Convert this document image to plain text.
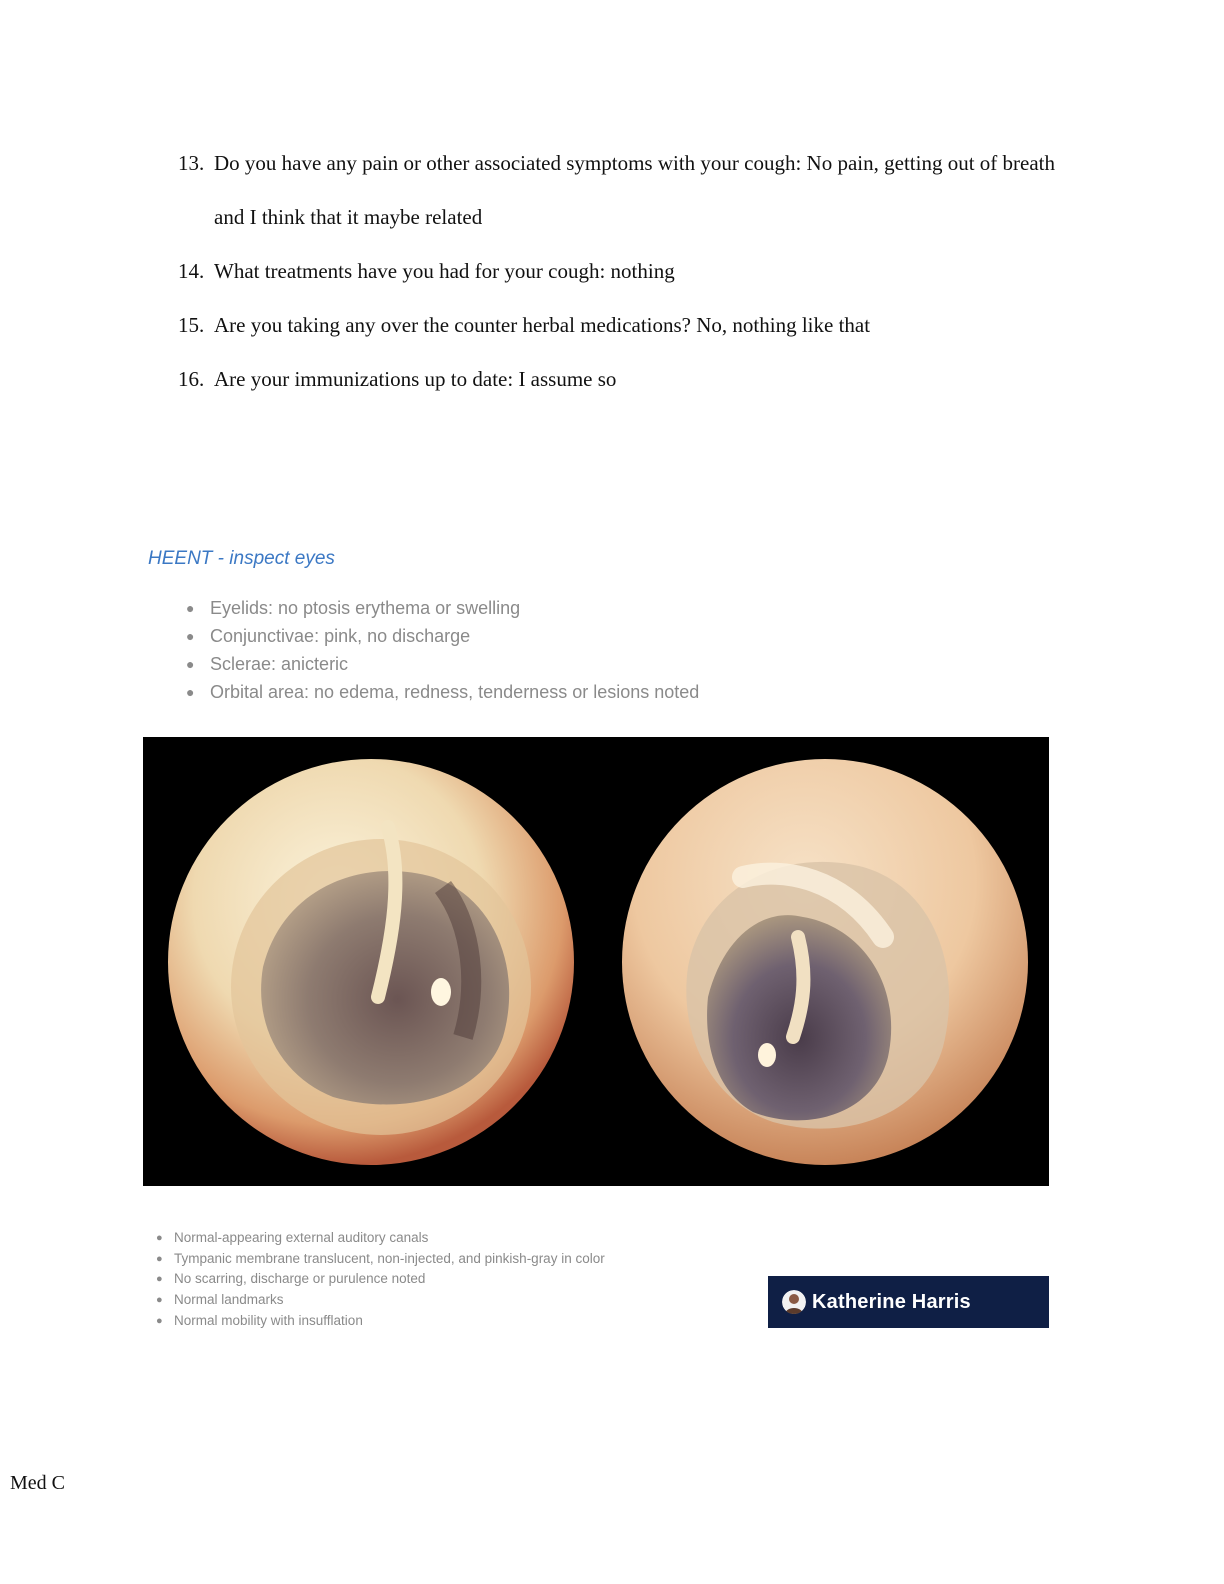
13. Do you have any pain or other associated symptoms with your cough: No pain, getting out of breath and I think that it maybe related
14. What treatments have you had for your cough: nothing
15. Are you taking any over the counter herbal medications? No, nothing like that
16. Are your immunizations up to date: I assume so
HEENT - inspect eyes
● Eyelids: no ptosis erythema or swelling
● Conjunctivae: pink, no discharge
● Sclerae: anicteric
● Orbital area: no edema, redness, tenderness or lesions noted
● Normal-appearing external auditory canals
● Tympanic membrane translucent, non-injected, and pinkish-gray in color
● No scarring, discharge or purulence noted
● Normal landmarks
● Normal mobility with insufflation
Katherine Harris
Med C
